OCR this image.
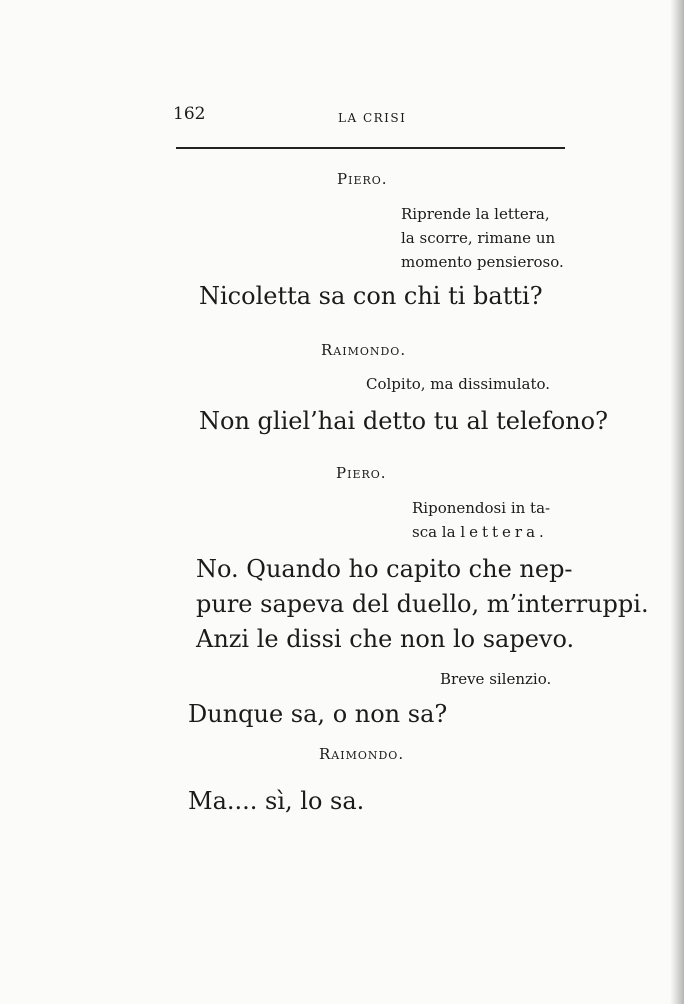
162	LA CRISI
Piero.
Riprende la lettera,
la scorre, rimane un
momento pensieroso.
Nicoletta sa con chi ti batti?
Raimondo.
Colpito, ma dissimulato.
Non gliel’hai detto tu al telefono?
Piero.
Riponendosi in ta-
sca la lettera.
No. Quando ho capito che nep-
pure sapeva del duello, m’interruppi.
Anzi le dissi che non lo sapevo.
Breve silenzio.
Dunque sa, o non sa?
Raimondo.
Ma.... sì, lo sa.
